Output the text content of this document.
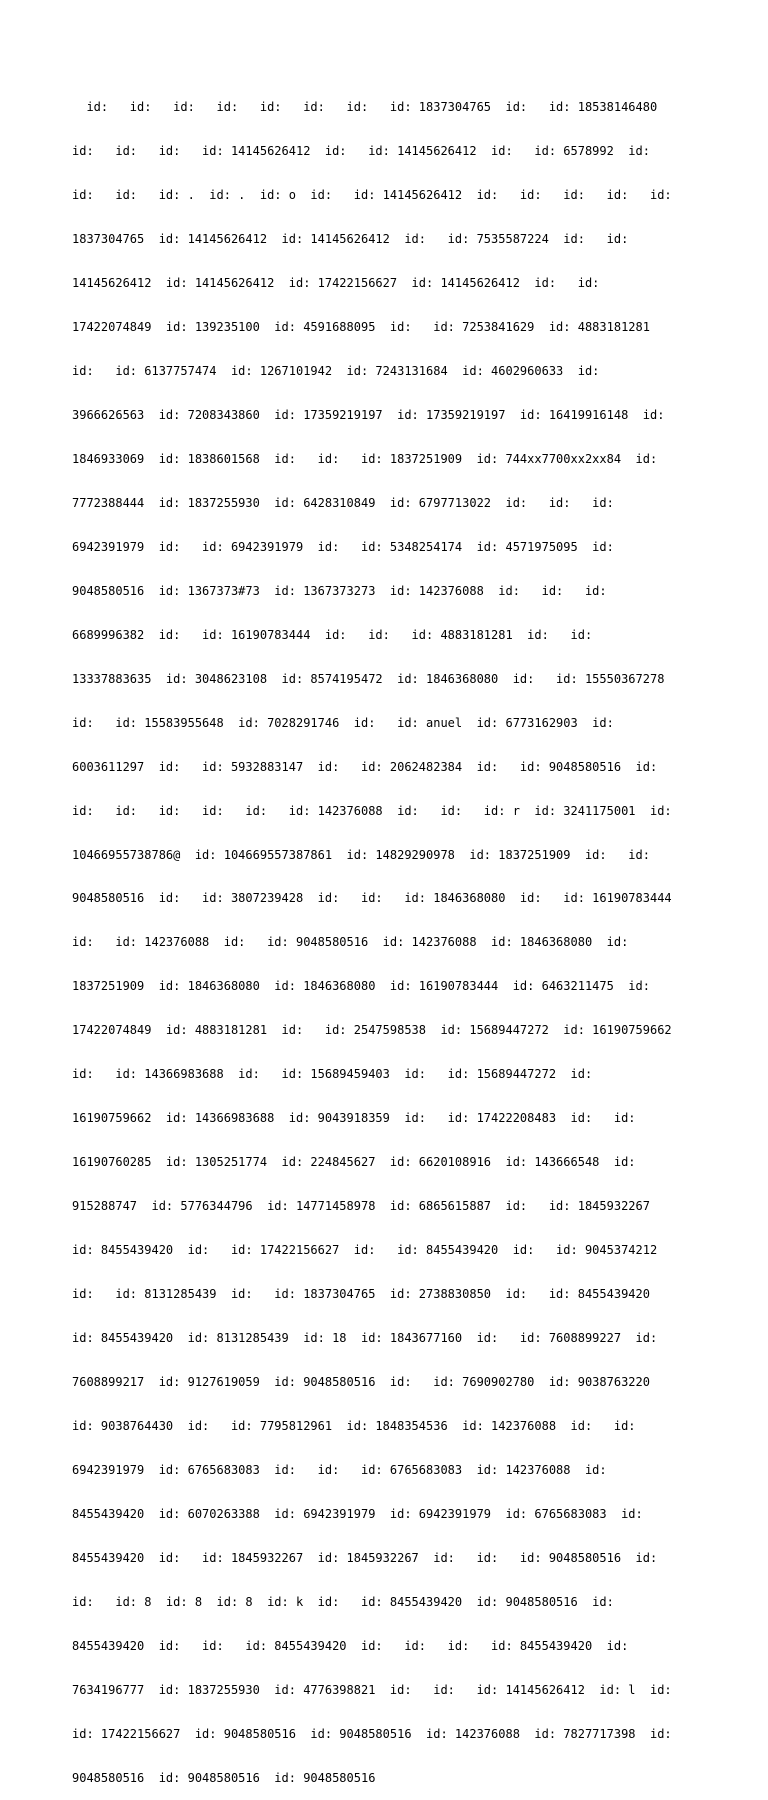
id:   id:   id:   id:   id:   id:   id:   id: 1837304765  id:   id: 18538146480

id:   id:   id:   id: 14145626412  id:   id: 14145626412  id:   id: 6578992  id:

id:   id:   id: .  id: .  id: o  id:   id: 14145626412  id:   id:   id:   id:   id:

1837304765  id: 14145626412  id: 14145626412  id:   id: 7535587224  id:   id:

14145626412  id: 14145626412  id: 17422156627  id: 14145626412  id:   id:

17422074849  id: 139235100  id: 4591688095  id:   id: 7253841629  id: 4883181281

id:   id: 6137757474  id: 1267101942  id: 7243131684  id: 4602960633  id:

3966626563  id: 7208343860  id: 17359219197  id: 17359219197  id: 16419916148  id:

1846933069  id: 1838601568  id:   id:   id: 1837251909  id: 744xx7700xx2xx84  id:

7772388444  id: 1837255930  id: 6428310849  id: 6797713022  id:   id:   id:

6942391979  id:   id: 6942391979  id:   id: 5348254174  id: 4571975095  id:

9048580516  id: 1367373#73  id: 1367373273  id: 142376088  id:   id:   id:

6689996382  id:   id: 16190783444  id:   id:   id: 4883181281  id:   id:

13337883635  id: 3048623108  id: 8574195472  id: 1846368080  id:   id: 15550367278

id:   id: 15583955648  id: 7028291746  id:   id: anuel  id: 6773162903  id:

6003611297  id:   id: 5932883147  id:   id: 2062482384  id:   id: 9048580516  id:

id:   id:   id:   id:   id:   id: 142376088  id:   id:   id: r  id: 3241175001  id:

10466955738786@  id: 104669557387861  id: 14829290978  id: 1837251909  id:   id:

9048580516  id:   id: 3807239428  id:   id:   id: 1846368080  id:   id: 16190783444

id:   id: 142376088  id:   id: 9048580516  id: 142376088  id: 1846368080  id:

1837251909  id: 1846368080  id: 1846368080  id: 16190783444  id: 6463211475  id:

17422074849  id: 4883181281  id:   id: 2547598538  id: 15689447272  id: 16190759662

id:   id: 14366983688  id:   id: 15689459403  id:   id: 15689447272  id:

16190759662  id: 14366983688  id: 9043918359  id:   id: 17422208483  id:   id:

16190760285  id: 1305251774  id: 224845627  id: 6620108916  id: 143666548  id:

915288747  id: 5776344796  id: 14771458978  id: 6865615887  id:   id: 1845932267

id: 8455439420  id:   id: 17422156627  id:   id: 8455439420  id:   id: 9045374212

id:   id: 8131285439  id:   id: 1837304765  id: 2738830850  id:   id: 8455439420

id: 8455439420  id: 8131285439  id: 18  id: 1843677160  id:   id: 7608899227  id:

7608899217  id: 9127619059  id: 9048580516  id:   id: 7690902780  id: 9038763220

id: 9038764430  id:   id: 7795812961  id: 1848354536  id: 142376088  id:   id:

6942391979  id: 6765683083  id:   id:   id: 6765683083  id: 142376088  id:

8455439420  id: 6070263388  id: 6942391979  id: 6942391979  id: 6765683083  id:

8455439420  id:   id: 1845932267  id: 1845932267  id:   id:   id: 9048580516  id:

id:   id: 8  id: 8  id: 8  id: k  id:   id: 8455439420  id: 9048580516  id:

8455439420  id:   id:   id: 8455439420  id:   id:   id:   id: 8455439420  id:

7634196777  id: 1837255930  id: 4776398821  id:   id:   id: 14145626412  id: l  id:

id: 17422156627  id: 9048580516  id: 9048580516  id: 142376088  id: 7827717398  id:

9048580516  id: 9048580516  id: 9048580516
